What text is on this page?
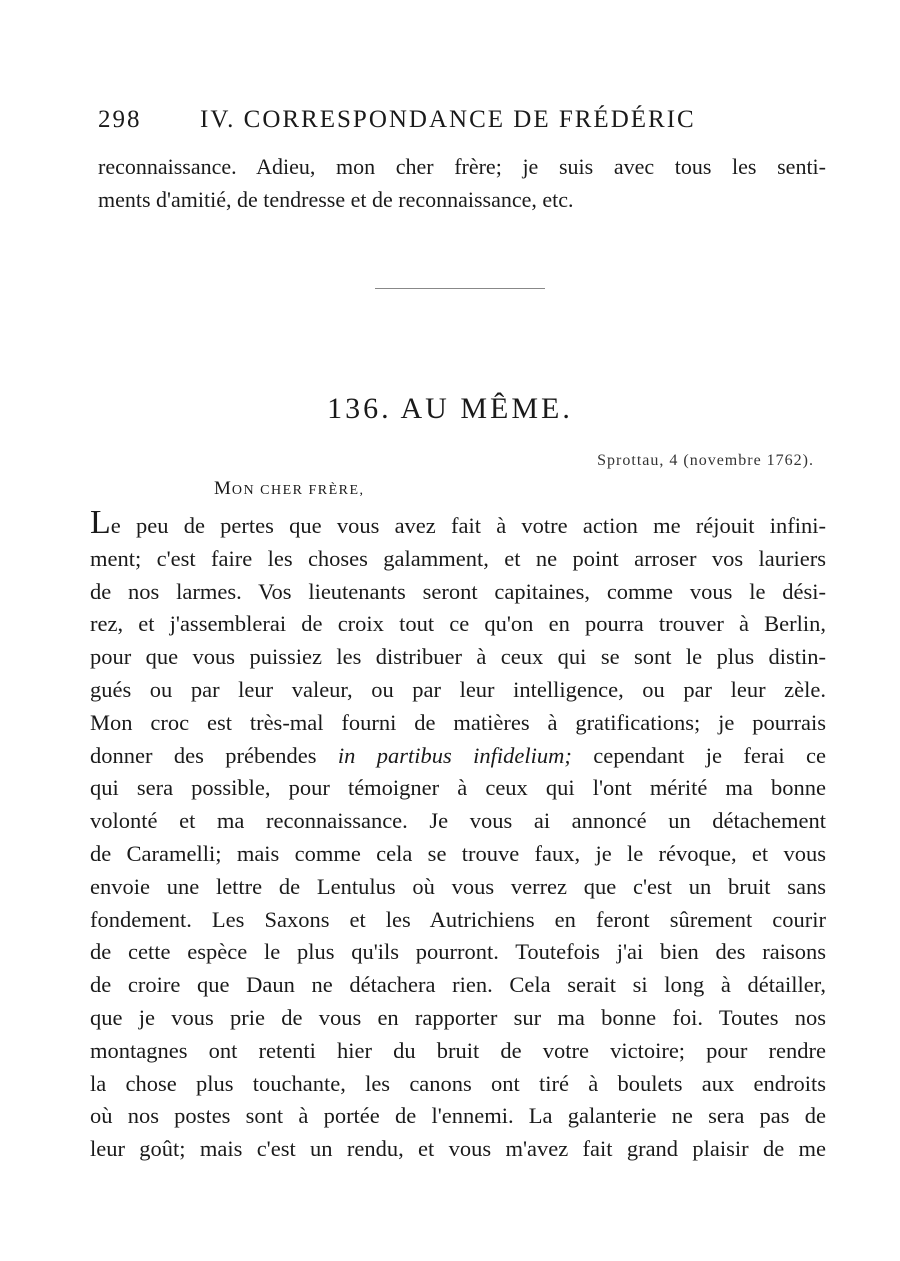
298 IV. CORRESPONDANCE DE FRÉDÉRIC
reconnaissance. Adieu, mon cher frère; je suis avec tous les senti-
ments d'amitié, de tendresse et de reconnaissance, etc.
136. AU MÊME.
Sprottau, 4 (novembre 1762).
MON CHER FRÈRE,
Le peu de pertes que vous avez fait à votre action me réjouit infini-
ment; c'est faire les choses galamment, et ne point arroser vos lauriers
de nos larmes. Vos lieutenants seront capitaines, comme vous le dési-
rez, et j'assemblerai de croix tout ce qu'on en pourra trouver à Berlin,
pour que vous puissiez les distribuer à ceux qui se sont le plus distin-
gués ou par leur valeur, ou par leur intelligence, ou par leur zèle.
Mon croc est très-mal fourni de matières à gratifications; je pourrais
donner des prébendes in partibus infidelium; cependant je ferai ce
qui sera possible, pour témoigner à ceux qui l'ont mérité ma bonne
volonté et ma reconnaissance. Je vous ai annoncé un détachement
de Caramelli; mais comme cela se trouve faux, je le révoque, et vous
envoie une lettre de Lentulus où vous verrez que c'est un bruit sans
fondement. Les Saxons et les Autrichiens en feront sûrement courir
de cette espèce le plus qu'ils pourront. Toutefois j'ai bien des raisons
de croire que Daun ne détachera rien. Cela serait si long à détailler,
que je vous prie de vous en rapporter sur ma bonne foi. Toutes nos
montagnes ont retenti hier du bruit de votre victoire; pour rendre
la chose plus touchante, les canons ont tiré à boulets aux endroits
où nos postes sont à portée de l'ennemi. La galanterie ne sera pas de
leur goût; mais c'est un rendu, et vous m'avez fait grand plaisir de me
